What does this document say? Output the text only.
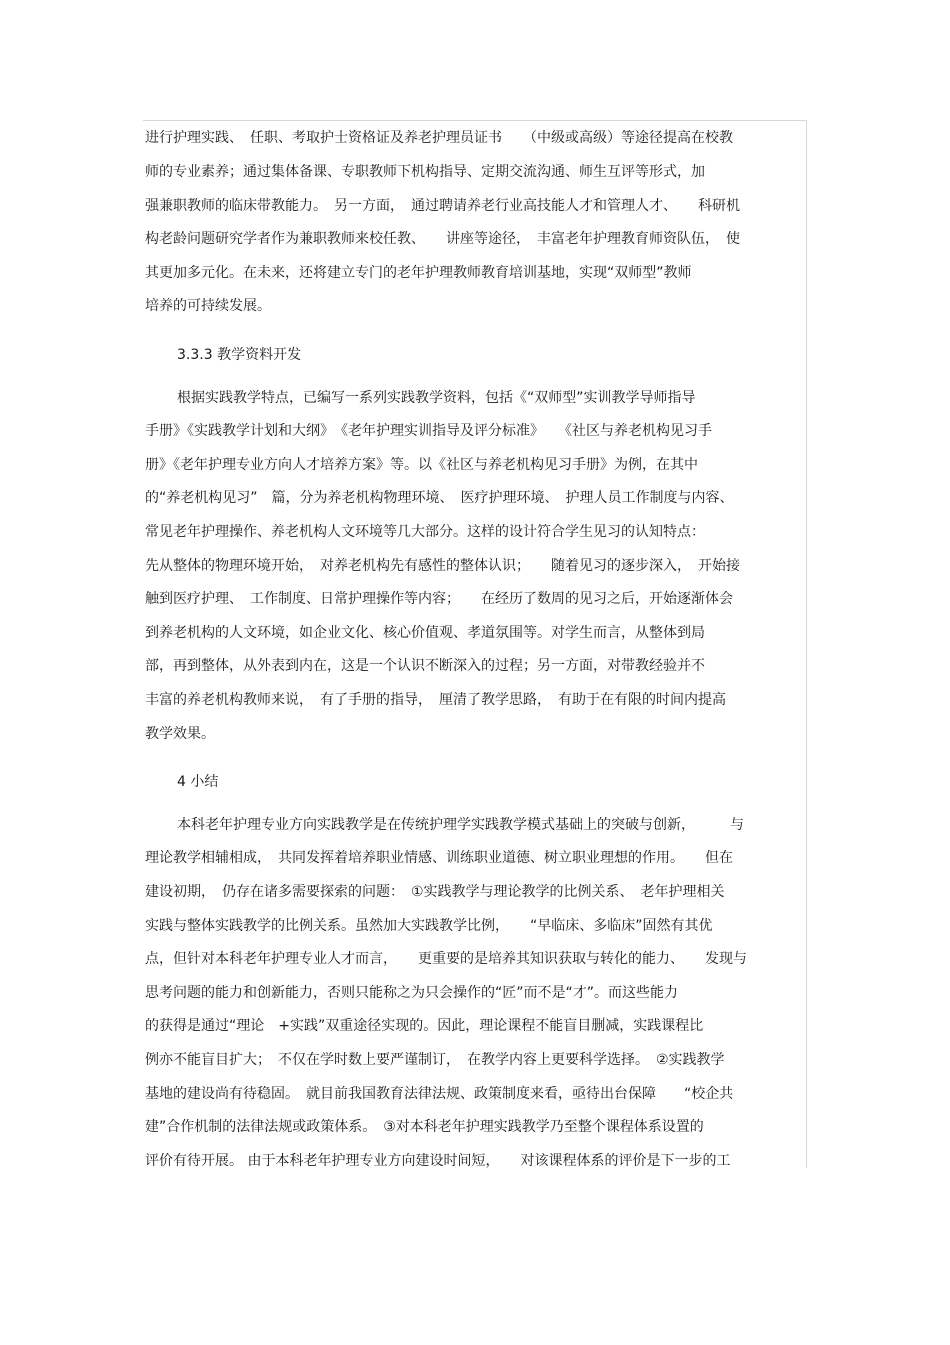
进行护理实践、　任职、考取护士资格证及养老护理员证书　　（中级或高级）等途径提高在校教
师的专业素养；通过集体备课、专职教师下机构指导、定期交流沟通、师生互评等形式，加
强兼职教师的临床带教能力。　另一方面，　通过聘请养老行业高技能人才和管理人才、　　科研机
构老龄问题研究学者作为兼职教师来校任教、　　讲座等途径，　丰富老年护理教育师资队伍，　使
其更加多元化。在未来，还将建立专门的老年护理教师教育培训基地，实现“双师型”教师
培养的可持续发展。
3.3.3 教学资料开发
根据实践教学特点，已编写一系列实践教学资料，包括《“双师型”实训教学导师指导
手册》《实践教学计划和大纲》　《老年护理实训指导及评分标准》　　《社区与养老机构见习手
册》《老年护理专业方向人才培养方案》等。以《社区与养老机构见习手册》为例，在其中
的“养老机构见习”　篇，分为养老机构物理环境、　医疗护理环境、　护理人员工作制度与内容、
常见老年护理操作、养老机构人文环境等几大部分。这样的设计符合学生见习的认知特点：
先从整体的物理环境开始，　对养老机构先有感性的整体认识；　　随着见习的逐步深入，　开始接
触到医疗护理、　工作制度、日常护理操作等内容；　　在经历了数周的见习之后，开始逐渐体会
到养老机构的人文环境，如企业文化、核心价值观、孝道氛围等。对学生而言，从整体到局
部，再到整体，从外表到内在，这是一个认识不断深入的过程；另一方面，对带教经验并不
丰富的养老机构教师来说，　有了手册的指导，　厘清了教学思路，　有助于在有限的时间内提高
教学效果。
4 小结
本科老年护理专业方向实践教学是在传统护理学实践教学模式基础上的突破与创新，　　　与
理论教学相辅相成，　共同发挥着培养职业情感、训练职业道德、树立职业理想的作用。　　但在
建设初期，　仍存在诸多需要探索的问题：　①实践教学与理论教学的比例关系、　老年护理相关
实践与整体实践教学的比例关系。虽然加大实践教学比例，　　“早临床、多临床”固然有其优
点，但针对本科老年护理专业人才而言，　　更重要的是培养其知识获取与转化的能力、　　发现与
思考问题的能力和创新能力，否则只能称之为只会操作的“匠”而不是“才”。而这些能力
的获得是通过“理论　+实践”双重途径实现的。因此，理论课程不能盲目删减，实践课程比
例亦不能盲目扩大；　不仅在学时数上要严谨制订，　在教学内容上更要科学选择。　②实践教学
基地的建设尚有待稳固。　就目前我国教育法律法规、政策制度来看，亟待出台保障　　“校企共
建”合作机制的法律法规或政策体系。　③对本科老年护理实践教学乃至整个课程体系设置的
评价有待开展。 由于本科老年护理专业方向建设时间短，　　对该课程体系的评价是下一步的工
